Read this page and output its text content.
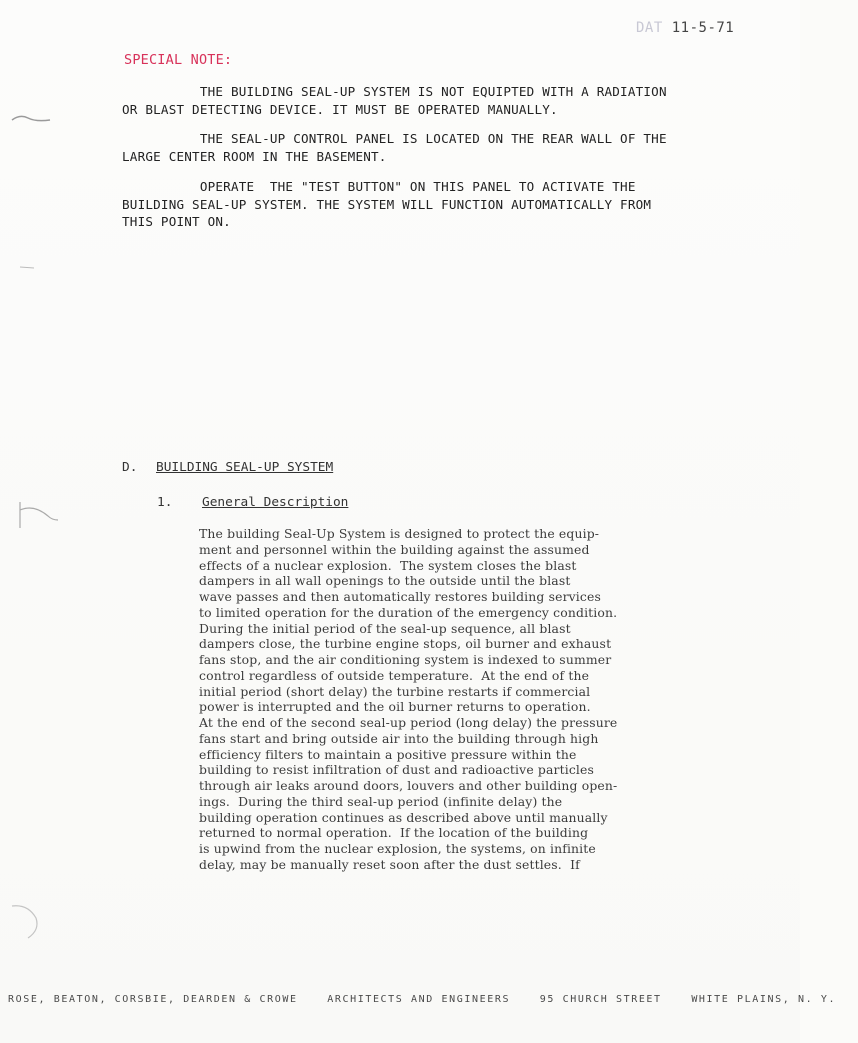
DAT 11-5-71
SPECIAL NOTE:
THE BUILDING SEAL-UP SYSTEM IS NOT EQUIPTED WITH A RADIATION
OR BLAST DETECTING DEVICE. IT MUST BE OPERATED MANUALLY.
THE SEAL-UP CONTROL PANEL IS LOCATED ON THE REAR WALL OF THE
LARGE CENTER ROOM IN THE BASEMENT.
OPERATE  THE "TEST BUTTON" ON THIS PANEL TO ACTIVATE THE
BUILDING SEAL-UP SYSTEM. THE SYSTEM WILL FUNCTION AUTOMATICALLY FROM
THIS POINT ON.
D. BUILDING SEAL-UP SYSTEM
1. General Description
The building Seal-Up System is designed to protect the equip-
ment and personnel within the building against the assumed
effects of a nuclear explosion.  The system closes the blast
dampers in all wall openings to the outside until the blast
wave passes and then automatically restores building services
to limited operation for the duration of the emergency condition.
During the initial period of the seal-up sequence, all blast
dampers close, the turbine engine stops, oil burner and exhaust
fans stop, and the air conditioning system is indexed to summer
control regardless of outside temperature.  At the end of the
initial period (short delay) the turbine restarts if commercial
power is interrupted and the oil burner returns to operation.
At the end of the second seal-up period (long delay) the pressure
fans start and bring outside air into the building through high
efficiency filters to maintain a positive pressure within the
building to resist infiltration of dust and radioactive particles
through air leaks around doors, louvers and other building open-
ings.  During the third seal-up period (infinite delay) the
building operation continues as described above until manually
returned to normal operation.  If the location of the building
is upwind from the nuclear explosion, the systems, on infinite
delay, may be manually reset soon after the dust settles.  If
ROSE, BEATON, CORSBIE, DEARDEN & CROWE	ARCHITECTS AND ENGINEERS	95 CHURCH STREET	WHITE PLAINS, N. Y.
